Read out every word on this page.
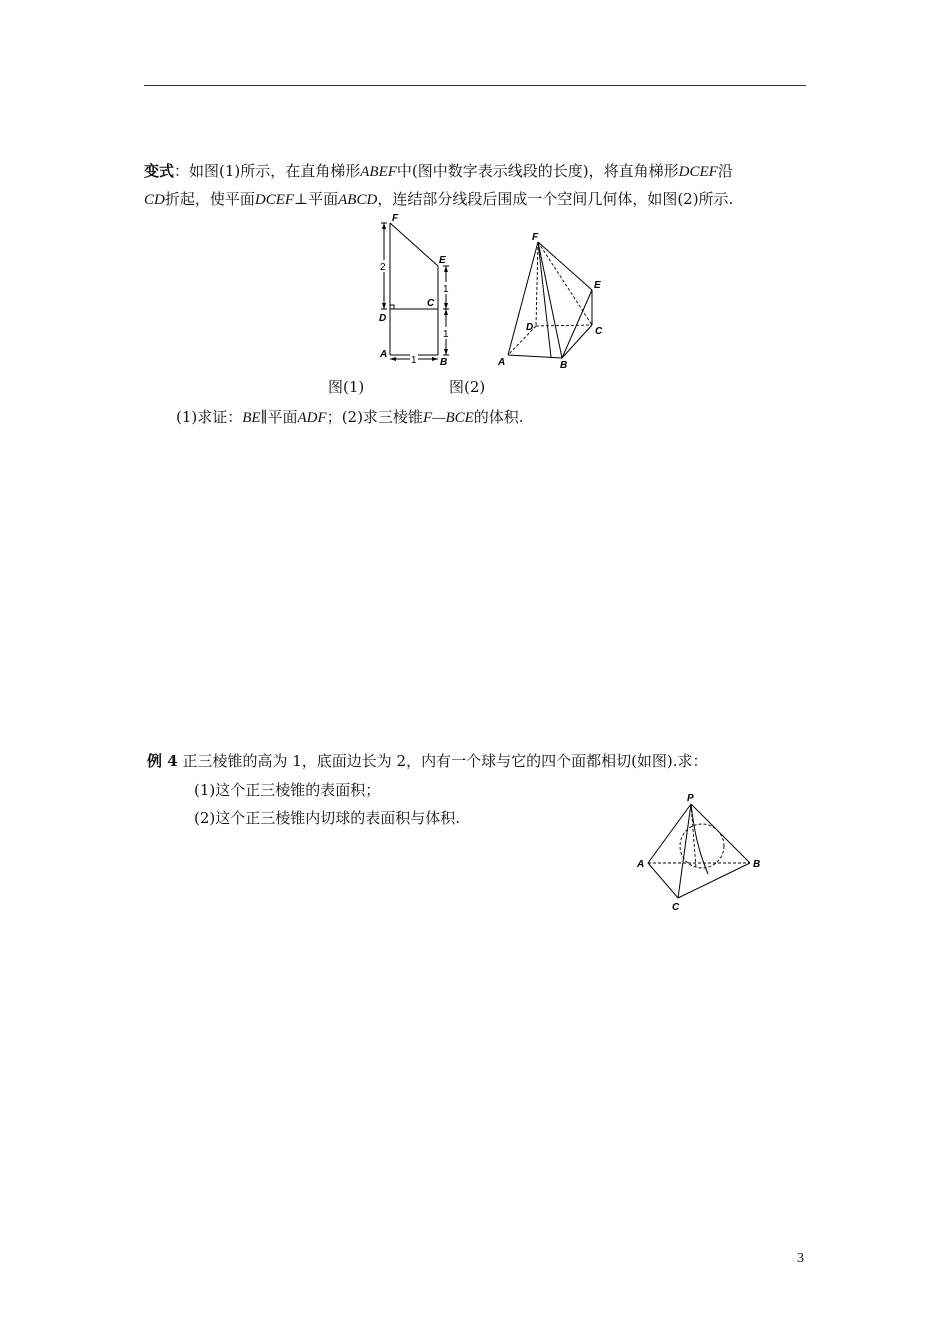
变式：如图(1)所示，在直角梯形ABEF中(图中数字表示线段的长度)，将直角梯形DCEF沿
CD折起，使平面DCEF⊥平面ABCD，连结部分线段后围成一个空间几何体，如图(2)所示.
2
1
1
1
F
E
C
D
A
B
F
E
D	C
A	B
图(1)	图(2)
(1)求证：BE∥平面ADF；(2)求三棱锥F—BCE的体积.
例 4 正三棱锥的高为 1，底面边长为 2，内有一个球与它的四个面都相切(如图).求：
(1)这个正三棱锥的表面积；
(2)这个正三棱锥内切球的表面积与体积.
P
A	B
C
3
